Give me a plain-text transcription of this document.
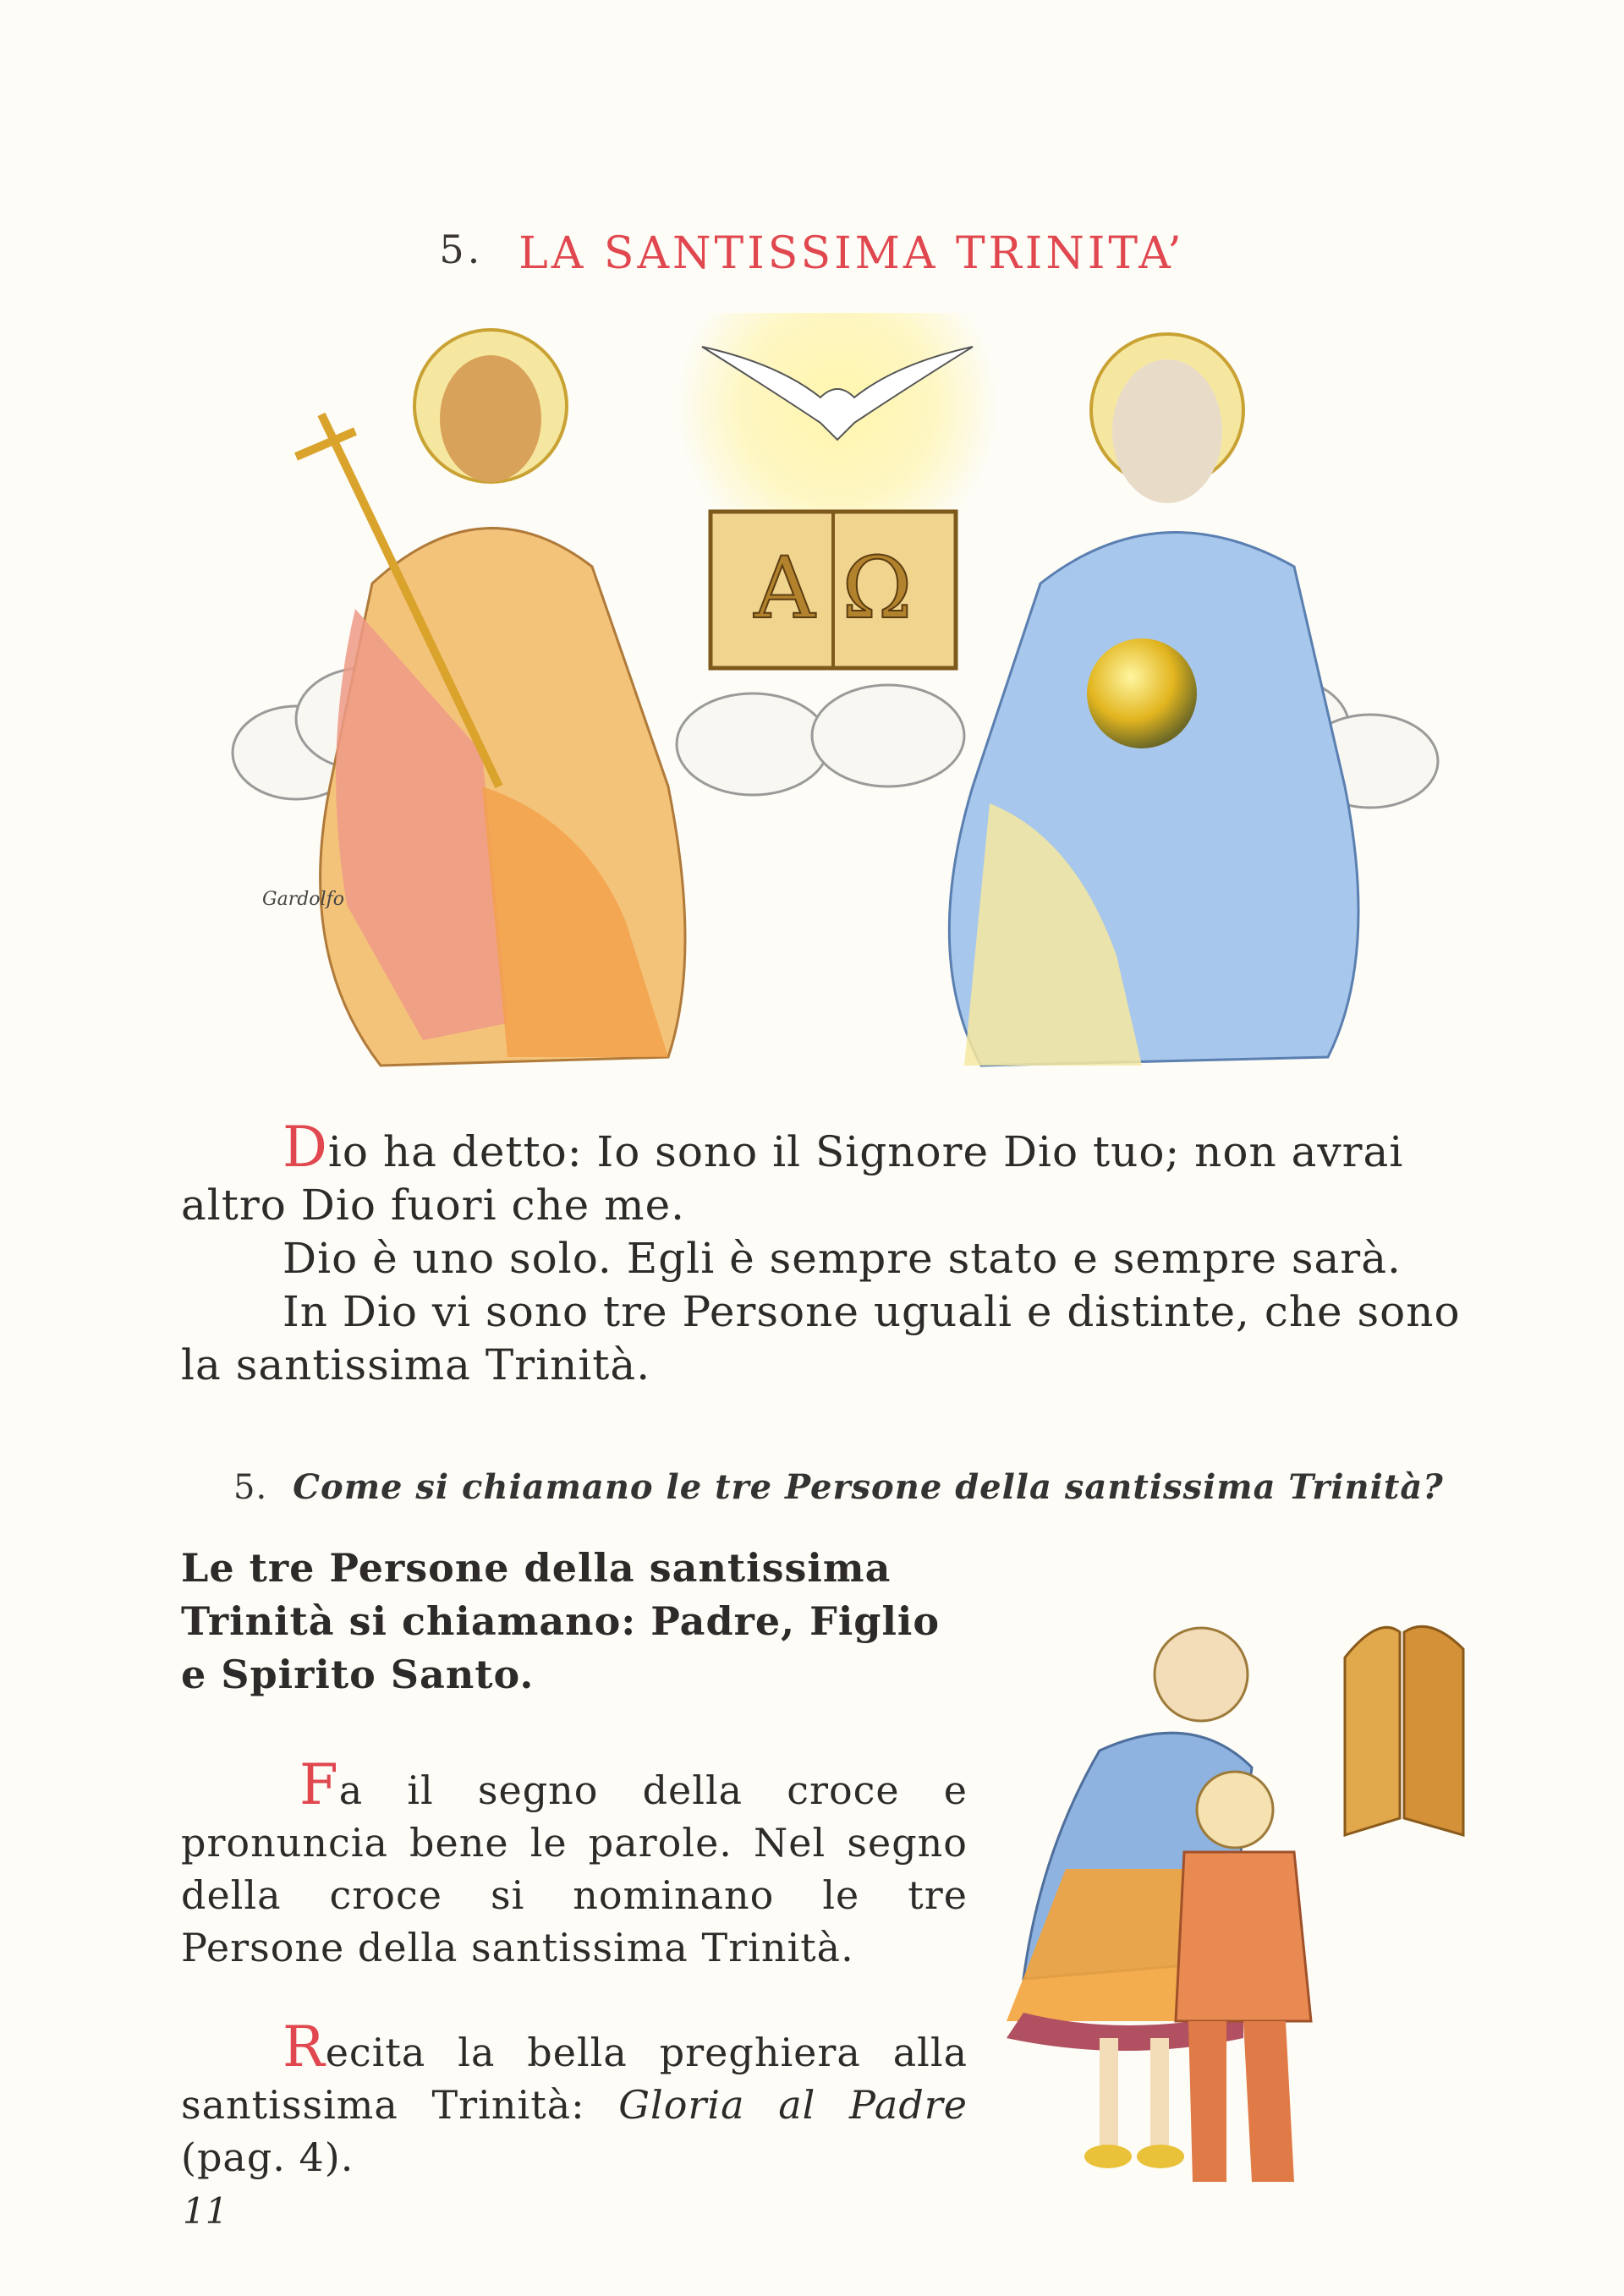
5. LA SANTISSIMA TRINITA’
A Ω
Gardolfo

Dio ha detto: Io sono il Signore Dio tuo; non avrai altro Dio fuori che me.

Dio è uno solo. Egli è sempre stato e sempre sarà.

In Dio vi sono tre Persone uguali e distinte, che sono la santissima Trinità.

5. Come si chiamano le tre Persone della santissima Trinità?
Le tre Persone della santissima Trinità si chiamano: Padre, Figlio e Spirito Santo.

Fa il segno della croce e pronuncia bene le parole. Nel segno della croce si nominano le tre Persone della santissima Trinità.

Recita la bella preghiera alla santissima Trinità: Gloria al Padre (pag. 4).

11
